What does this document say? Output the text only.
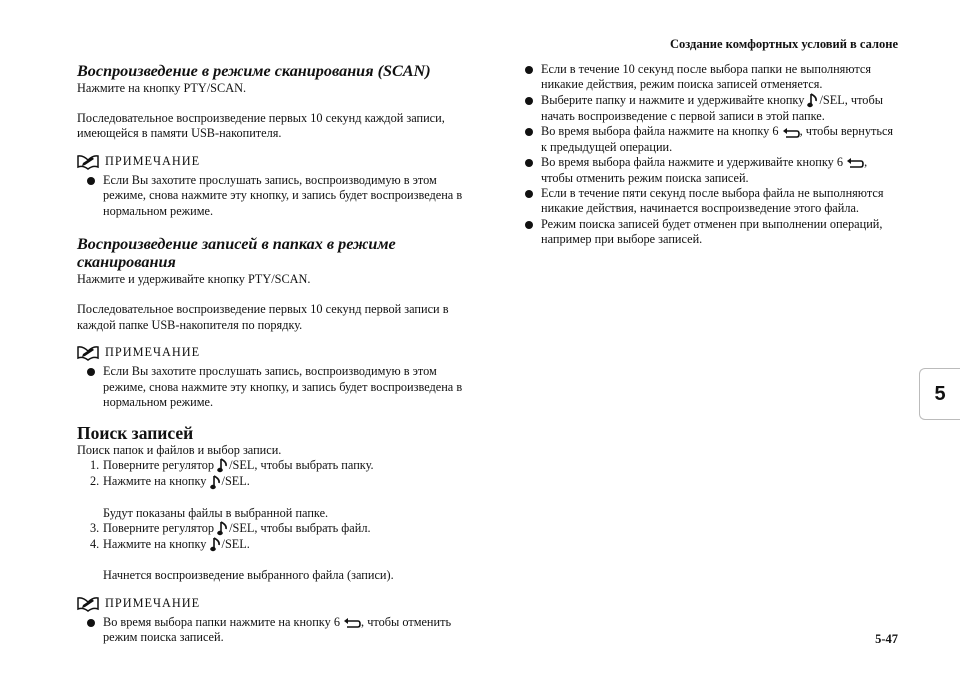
Создание комфортных условий в салоне
5
5-47
Воспроизведение в режиме сканирования (SCAN)

Нажмите на кнопку PTY/SCAN.

Последовательное воспроизведение первых 10 секунд каждой записи, имеющейся в памяти USB-накопителя.

ПРИМЕЧАНИЕ
Если Вы захотите прослушать запись, воспроизводимую в этом режиме, снова нажмите эту кнопку, и запись будет воспроизведена в нормальном режиме.
Воспроизведение записей в папках в режиме
сканирования

Нажмите и удерживайте кнопку PTY/SCAN.

Последовательное воспроизведение первых 10 секунд первой записи в каждой папке USB-накопителя по порядку.

ПРИМЕЧАНИЕ
Если Вы захотите прослушать запись, воспроизводимую в этом режиме, снова нажмите эту кнопку, и запись будет воспроизведена в нормальном режиме.
Поиск записей

Поиск папок и файлов и выбор записи.

1. Поверните регулятор /SEL, чтобы выбрать папку.
2. Нажмите на кнопку /SEL.
Будут показаны файлы в выбранной папке.
3. Поверните регулятор /SEL, чтобы выбрать файл.
4. Нажмите на кнопку /SEL.
Начнется воспроизведение выбранного файла (записи).
ПРИМЕЧАНИЕ
Во время выбора папки нажмите на кнопку 6 , чтобы отменить режим поиска записей.
Если в течение 10 секунд после выбора папки не выполняются никакие действия, режим поиска записей отменяется.
Выберите папку и нажмите и удерживайте кнопку /SEL, чтобы начать воспроизведение с первой записи в этой папке.
Во время выбора файла нажмите на кнопку 6 , чтобы вернуться к предыдущей операции.
Во время выбора файла нажмите и удерживайте кнопку 6 , чтобы отменить режим поиска записей.
Если в течение пяти секунд после выбора файла не выполняются никакие действия, начинается воспроизведение этого файла.
Режим поиска записей будет отменен при выполнении операций, например при выборе записей.
